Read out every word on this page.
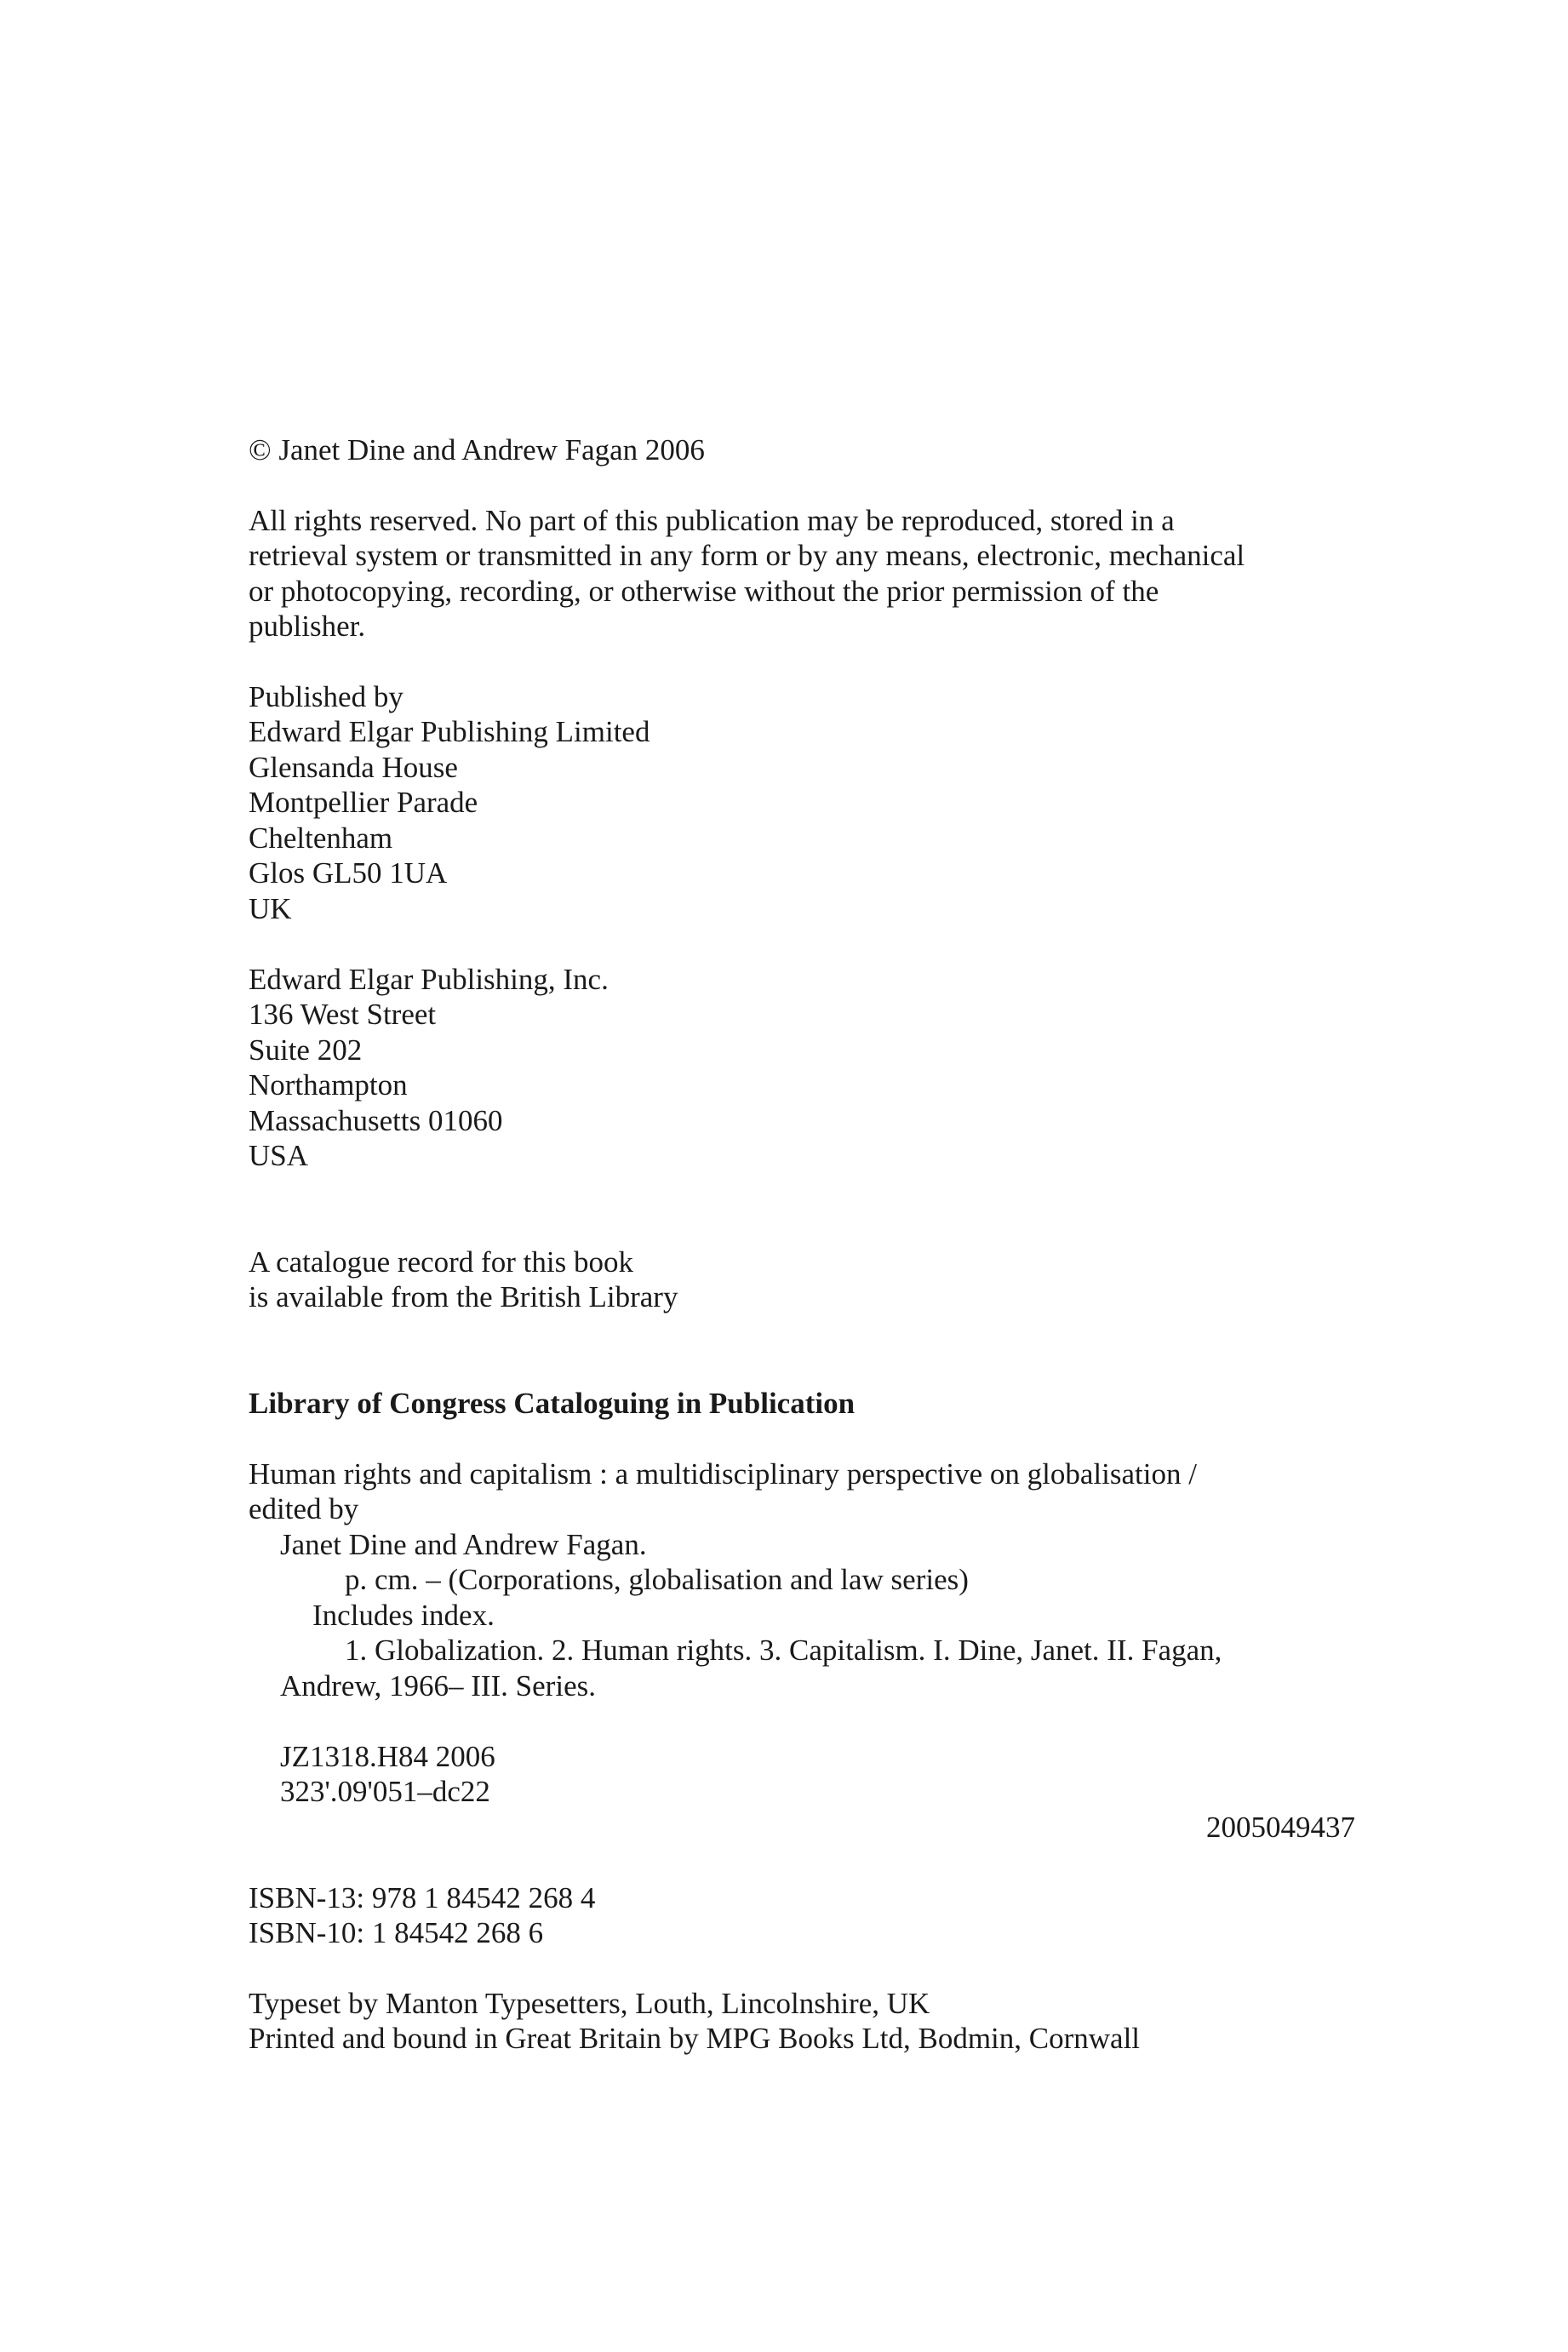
© Janet Dine and Andrew Fagan 2006
All rights reserved. No part of this publication may be reproduced, stored in a
retrieval system or transmitted in any form or by any means, electronic, mechanical
or photocopying, recording, or otherwise without the prior permission of the
publisher.
Published by
Edward Elgar Publishing Limited
Glensanda House
Montpellier Parade
Cheltenham
Glos GL50 1UA
UK
Edward Elgar Publishing, Inc.
136 West Street
Suite 202
Northampton
Massachusetts 01060
USA
A catalogue record for this book
is available from the British Library
Library of Congress Cataloguing in Publication
Human rights and capitalism : a multidisciplinary perspective on globalisation /
edited by
Janet Dine and Andrew Fagan.
p. cm. – (Corporations, globalisation and law series)
Includes index.
1. Globalization. 2. Human rights. 3. Capitalism. I. Dine, Janet. II. Fagan,
Andrew, 1966– III. Series.
JZ1318.H84 2006
323'.09'051–dc22
2005049437
ISBN-13: 978 1 84542 268 4
ISBN-10: 1 84542 268 6
Typeset by Manton Typesetters, Louth, Lincolnshire, UK
Printed and bound in Great Britain by MPG Books Ltd, Bodmin, Cornwall
